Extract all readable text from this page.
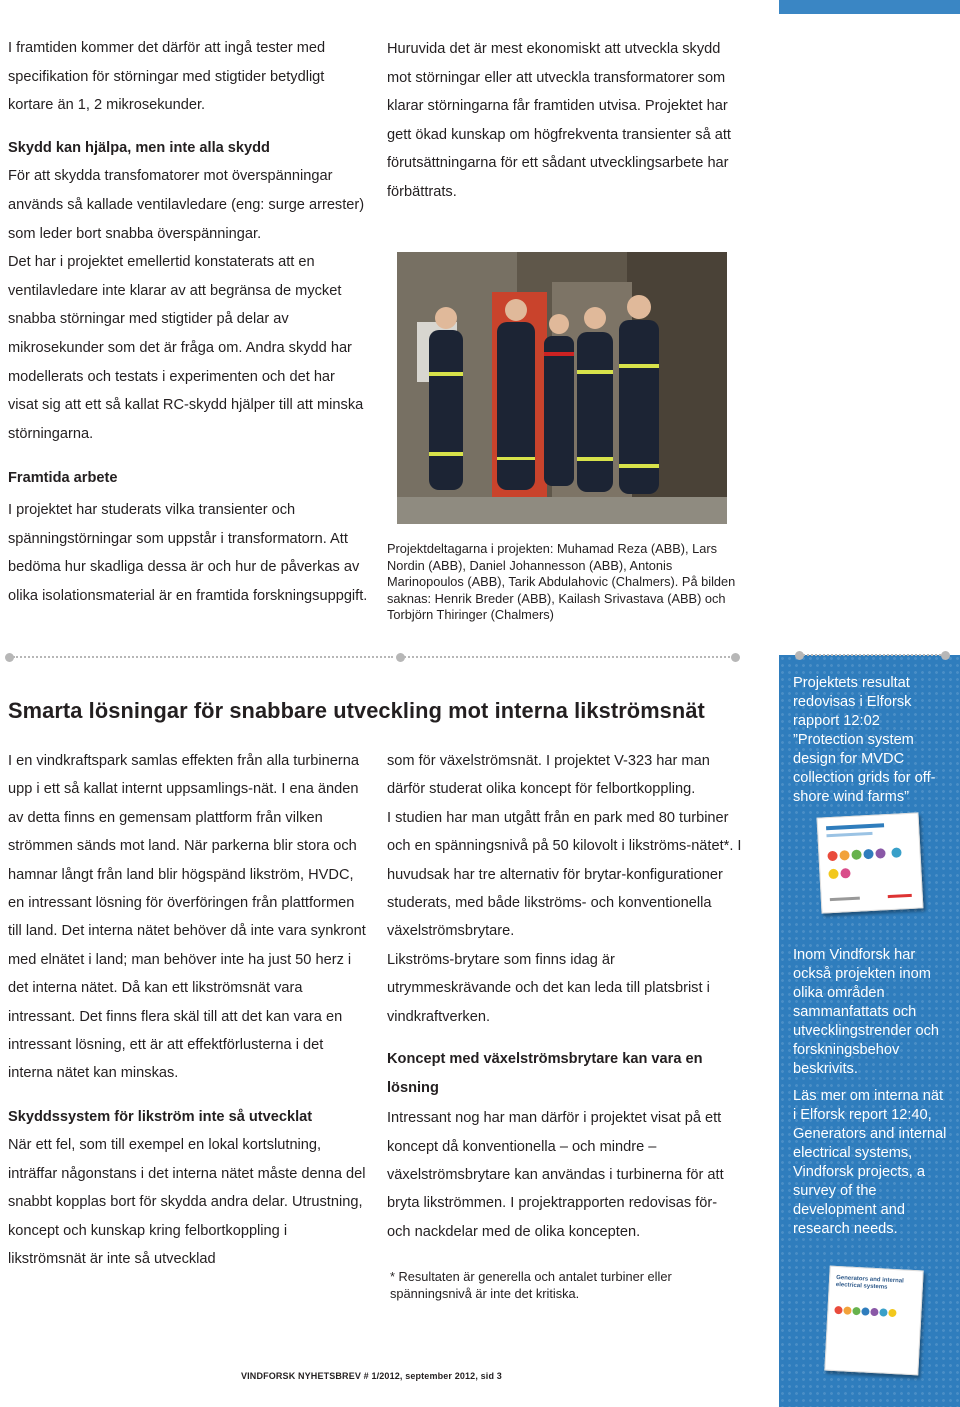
Projektets resultat redovisas i Elforsk rapport 12:02 ”Protection system design for MVDC collection grids for off-shore wind farms”

Inom Vindforsk har också projekten inom olika områden sammanfattats och utvecklingstrender och forskningsbehov beskrivits.
Läs mer om interna nät i Elforsk report 12:40, Generators and internal electrical systems, Vindforsk projects, a survey of the development and research needs.
Generators and internal electrical systems

I framtiden kommer det därför att ingå tester med specifikation för störningar med stigtider betydligt kortare än 1, 2 mikrosekunder.

Skydd kan hjälpa, men inte alla skydd

För att skydda transfomatorer mot överspänningar används så kallade ventilavledare (eng: surge arrester) som leder bort snabba överspänningar.

Det har i projektet emellertid konstaterats att en ventilavledare inte klarar av att begränsa de mycket snabba störningar med stigtider på delar av mikrosekunder som det är fråga om. Andra skydd har modellerats och testats i experimenten och det har visat sig att ett så kallat RC-skydd hjälper till att minska störningarna.

Framtida arbete

I projektet har studerats vilka transienter och spänningstörningar som uppstår i transformatorn. Att bedöma hur skadliga dessa är och hur de påverkas av olika isolationsmaterial är en framtida forskningsuppgift.

Huruvida det är mest ekonomiskt att utveckla skydd mot störningar eller att utveckla transformatorer som klarar störningarna får framtiden utvisa. Projektet har gett ökad kunskap om högfrekventa transienter så att förutsättningarna för ett sådant utvecklingsarbete har förbättrats.

Projektdeltagarna i projekten: Muhamad Reza (ABB), Lars Nordin (ABB), Daniel Johannesson (ABB), Antonis Marinopoulos (ABB), Tarik Abdulahovic (Chalmers). På bilden saknas: Henrik Breder (ABB), Kailash Srivastava (ABB) och Torbjörn Thiringer (Chalmers)

Smarta lösningar för snabbare utveckling mot interna likströmsnät

I en vindkraftspark samlas effekten från alla turbinerna upp i ett så kallat internt uppsamlings-nät. I ena änden av detta finns en gemensam plattform från vilken strömmen sänds mot land. När parkerna blir stora och hamnar långt från land blir högspänd likström, HVDC, en intressant lösning för överföringen från plattformen till land. Det interna nätet behöver då inte vara synkront med elnätet i land; man behöver inte ha just 50 herz i det interna nätet. Då kan ett likströmsnät vara intressant. Det finns flera skäl till att det kan vara en intressant lösning, ett är att effektförlusterna i det interna nätet kan minskas.

Skyddssystem för likström inte så utvecklat

När ett fel, som till exempel en lokal kortslutning, inträffar någonstans i det interna nätet måste denna del snabbt kopplas bort för skydda andra delar. Utrustning, koncept och kunskap kring felbortkoppling i likströmsnät är inte så utvecklad

som för växelströmsnät. I projektet V-323 har man därför studerat olika koncept för felbortkoppling.

I studien har man utgått från en park med 80 turbiner och en spänningsnivå på 50 kilovolt i likströms-nätet*. I huvudsak har tre alternativ för brytar-konfigurationer studerats, med både likströms- och konventionella växelströmsbrytare.

Likströms-brytare som finns idag är utrymmeskrävande och det kan leda till platsbrist i vindkraftverken.

Koncept med växelströmsbrytare kan vara en lösning

Intressant nog har man därför i projektet visat på ett koncept då konventionella – och mindre – växelströmsbrytare kan användas i turbinerna för att bryta likströmmen. I projektrapporten redovisas för- och nackdelar med de olika koncepten.

* Resultaten är generella och antalet turbiner eller spänningsnivå är inte det kritiska.

VINDFORSK NYHETSBREV # 1/2012, september 2012, sid 3
